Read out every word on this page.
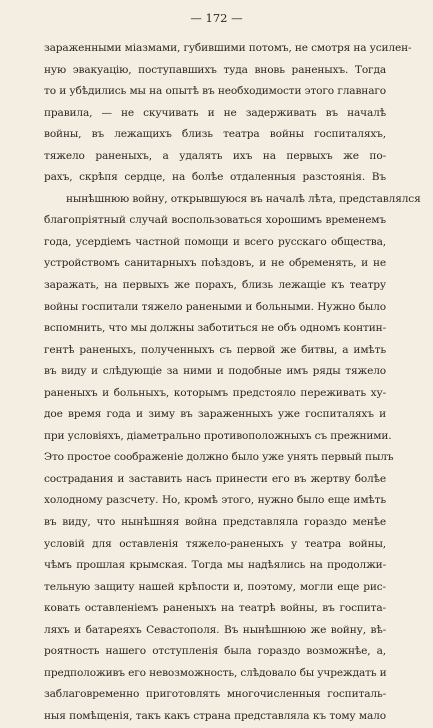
— 172 —
зараженными міазмами, губившими потомъ, не смотря на усилен-
ную эвакуацію, поступавшихъ туда вновь раненыхъ. Тогда
то и убѣдились мы на опытѣ въ необходимости этого главнаго
правила, — не скучивать и не задерживать въ началѣ
войны, въ лежащихъ близь театра войны госпиталяхъ,
тяжело раненыхъ, а удалять ихъ на первыхъ же по-
рахъ, скрѣпя сердце, на болѣе отдаленныя разстоянія. Въ
нынѣшнюю войну, открывшуюся въ началѣ лѣта, представлялся
благопріятный случай воспользоваться хорошимъ временемъ
года, усердіемъ частной помощи и всего русскаго общества,
устройствомъ санитарныхъ поѣздовъ, и не обременять, и не
заражать, на первыхъ же порахъ, близь лежащіе къ театру
войны госпитали тяжело ранеными и больными. Нужно было
вспомнить, что мы должны заботиться не объ одномъ контин-
гентѣ раненыхъ, полученныхъ съ первой же битвы, а имѣть
въ виду и слѣдующіе за ними и подобные имъ ряды тяжело
раненыхъ и больныхъ, которымъ предстояло переживать ху-
дое время года и зиму въ зараженныхъ уже госпиталяхъ и
при условіяхъ, діаметрально противоположныхъ съ прежними.
Это простое соображеніе должно было уже унять первый пылъ
сострадания и заставить насъ принести его въ жертву болѣе
холодному разсчету. Но, кромѣ этого, нужно было еще имѣть
въ виду, что нынѣшняя война представляла гораздо менѣе
условій для оставленія тяжело-раненыхъ у театра войны,
чѣмъ прошлая крымская. Тогда мы надѣялись на продолжи-
тельную защиту нашей крѣпости и, поэтому, могли еще рис-
ковать оставленіемъ раненыхъ на театрѣ войны, въ госпита-
ляхъ и батареяхъ Севастополя. Въ нынѣшнюю же войну, вѣ-
роятность нашего отступленія была гораздо возможнѣе, а,
предположивъ его невозможность, слѣдовало бы учреждать и
заблаговременно приготовлять многочисленныя госпиталь-
ныя помѣщенія, такъ какъ страна представляла къ тому мало
